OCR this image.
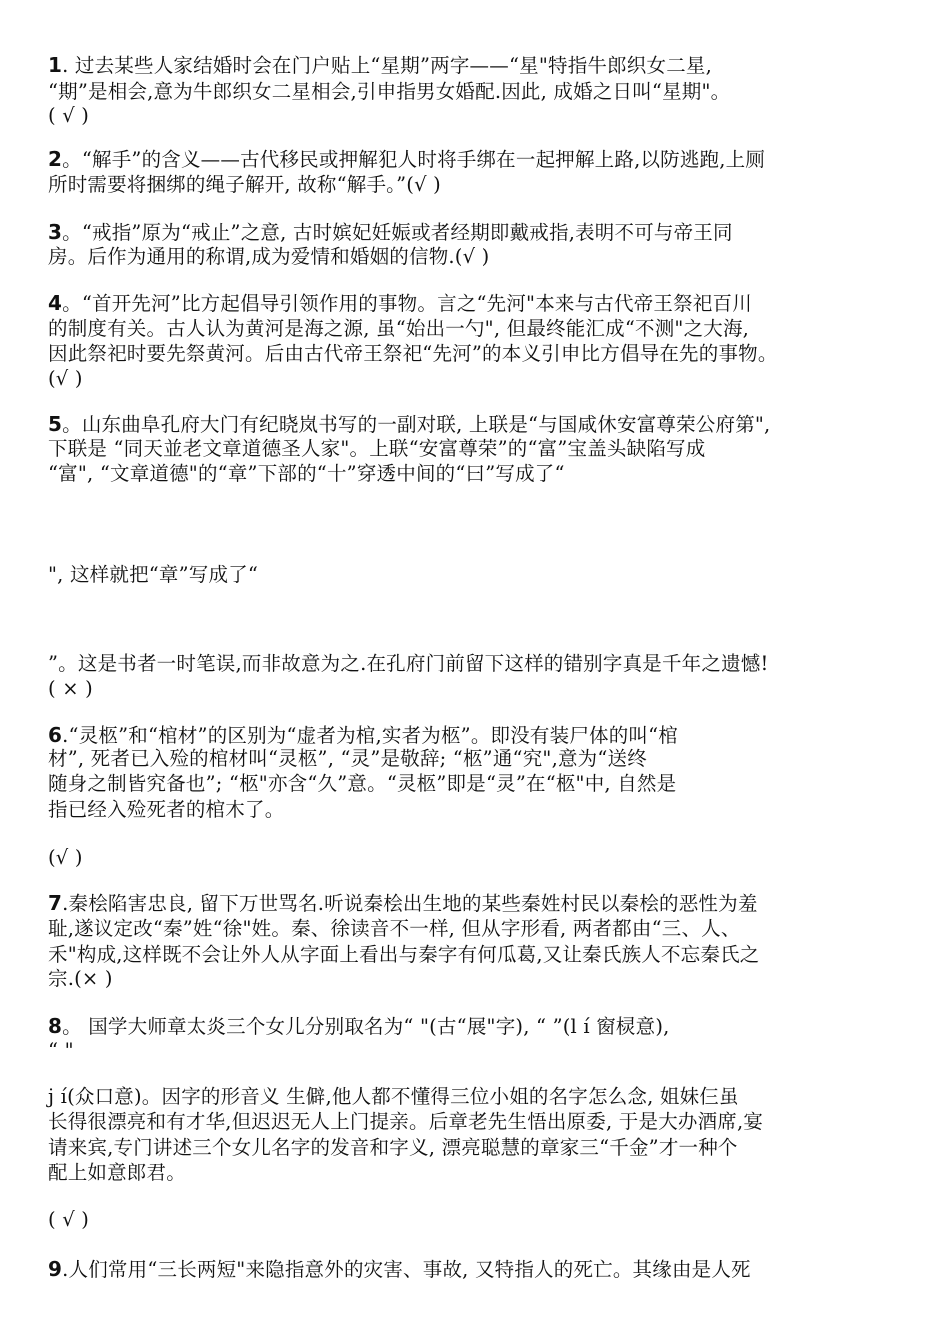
1. 过去某些人家结婚时会在门户贴上“星期”两字——“星"特指牛郎织女二星,
“期”是相会,意为牛郎织女二星相会,引申指男女婚配.因此, 成婚之日叫“星期"。
( √ )
2。“解手”的含义——古代移民或押解犯人时将手绑在一起押解上路,以防逃跑,上厕
所时需要将捆绑的绳子解开, 故称“解手。”(√ )
3。“戒指”原为“戒止”之意, 古时嫔妃妊娠或者经期即戴戒指,表明不可与帝王同
房。后作为通用的称谓,成为爱情和婚姻的信物.(√ )
4。“首开先河”比方起倡导引领作用的事物。言之“先河"本来与古代帝王祭祀百川
的制度有关。古人认为黄河是海之源, 虽“始出一勺", 但最终能汇成“不测"之大海,
因此祭祀时要先祭黄河。后由古代帝王祭祀“先河”的本义引申比方倡导在先的事物。
(√ )
5。山东曲阜孔府大门有纪晓岚书写的一副对联, 上联是“与国咸休安富尊荣公府第",
下联是 “同天並老文章道德圣人家"。上联“安富尊荣”的“富”宝盖头缺陷写成
“富", “文章道德"的“章”下部的“十”穿透中间的“曰”写成了“
", 这样就把“章”写成了“
”。这是书者一时笔误,而非故意为之.在孔府门前留下这样的错别字真是千年之遗憾!
( × )
6.“灵柩”和“棺材”的区别为“虚者为棺,实者为柩”。即没有装尸体的叫“棺
材”, 死者已入殓的棺材叫“灵柩”, “灵”是敬辞; “柩”通“究",意为“送终
随身之制皆究备也”; “柩"亦含“久”意。“灵柩”即是“灵”在“柩"中, 自然是
指已经入殓死者的棺木了。
(√ )
7.秦桧陷害忠良, 留下万世骂名.听说秦桧出生地的某些秦姓村民以秦桧的恶性为羞
耻,遂议定改“秦”姓“徐"姓。秦、徐读音不一样, 但从字形看, 两者都由“三、人、
禾"构成,这样既不会让外人从字面上看出与秦字有何瓜葛,又让秦氏族人不忘秦氏之
宗.(× )
8。 国学大师章太炎三个女儿分别取名为“ "(古“展"字), “ ”(l í 窗棂意),
“ "
j í(众口意)。因字的形音义 生僻,他人都不懂得三位小姐的名字怎么念, 姐妹仨虽
长得很漂亮和有才华,但迟迟无人上门提亲。后章老先生悟出原委, 于是大办酒席,宴
请来宾,专门讲述三个女儿名字的发音和字义, 漂亮聪慧的章家三“千金”才一种个
配上如意郎君。
( √ )
9.人们常用“三长两短"来隐指意外的灾害、事故, 又特指人的死亡。其缘由是人死
